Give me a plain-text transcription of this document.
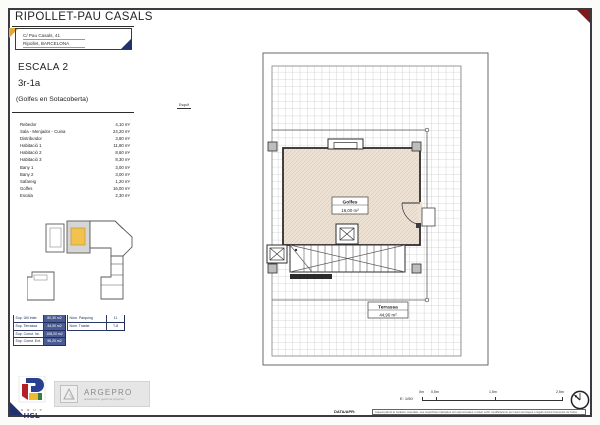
RIPOLLET-PAU CASALS
C/ Pau Casals, 41
Ripollet, BARCELONA
ESCALA 2
3r-1a
(Golfes en Sotacoberta)
Esquif
Rebedor	4,10 m²
Sala - Menjador - Cuina	24,20 m²
Distribuïdor	3,80 m²
Habitació 1	11,80 m²
Habitació 2	8,60 m²
Habitació 3	8,30 m²
Bany 1	3,00 m²
Bany 2	3,00 m²
Safareig	1,20 m²
Golfes	16,00 m²
Escala	2,30 m²
Sup. Útil Inter.	80,30 m2
Sup. Terrassa	44,90 m2
Sup. Const. Int.	108,20 m2
Sup. Const. Ext.	96,20 m2
Núm. Pàrquing	11
Núm. Traster	T-8
G R U P
HSL
ARGEPRO
arquitectura i gestió de projectes
Golfes
16,00 m²
Terrassa
44,90 m²
E: 1/50
0m 0,5m	1,5m	2,5m
DATA/APR:	Aquest plànol té caràcter orientatiu. Les superfícies indicades són aproximades i poden sofrir modificacions per raons tècniques o legals durant l'execució de l'obra.
